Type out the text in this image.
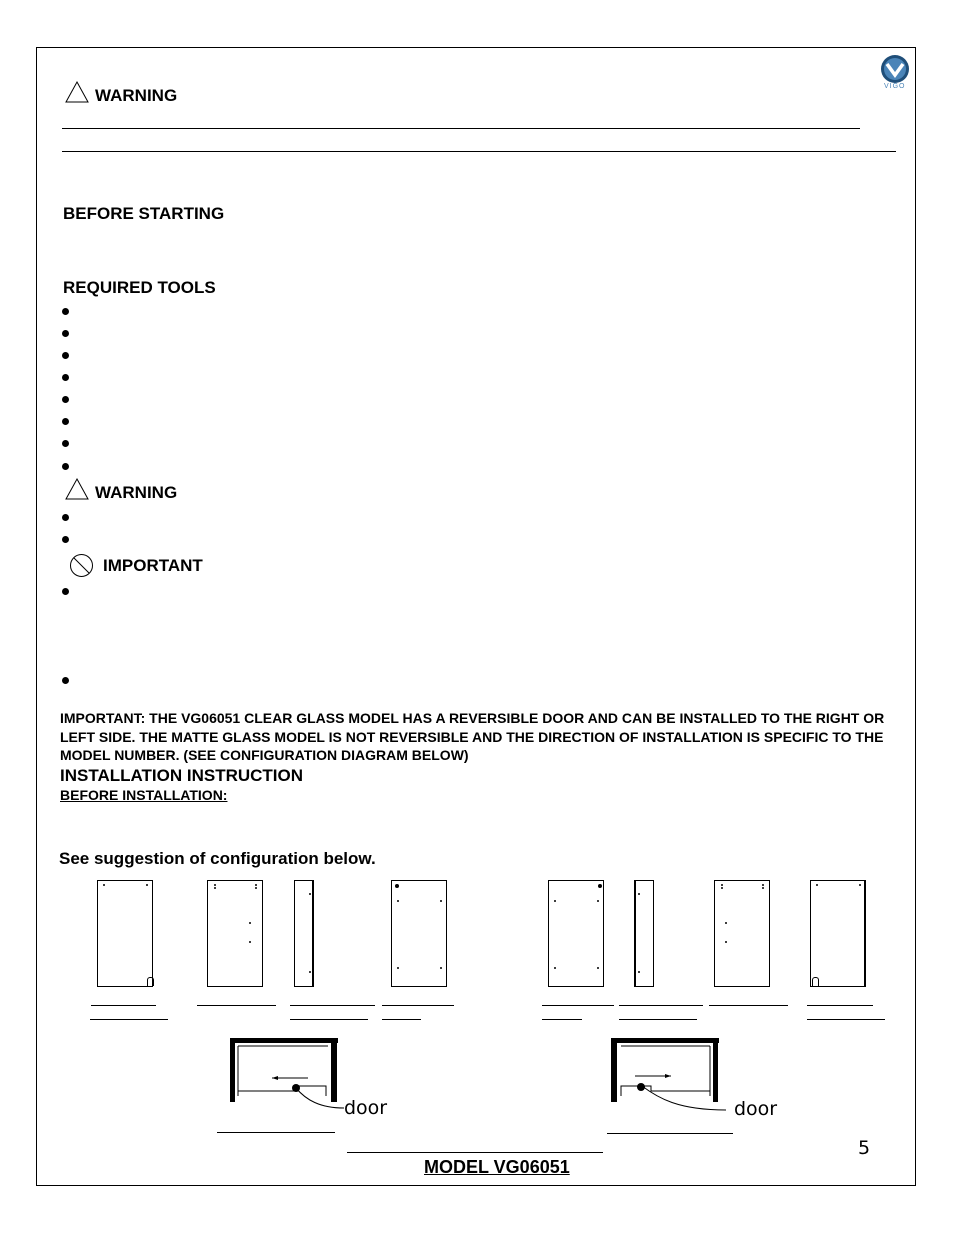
VIGO
WARNING
BEFORE STARTING
REQUIRED TOOLS
WARNING
IMPORTANT
IMPORTANT: THE VG06051 CLEAR GLASS MODEL HAS A REVERSIBLE DOOR AND CAN BE INSTALLED TO THE RIGHT OR LEFT SIDE. THE MATTE GLASS MODEL IS NOT REVERSIBLE AND THE DIRECTION OF INSTALLATION IS SPECIFIC TO THE MODEL NUMBER. (SEE CONFIGURATION DIAGRAM BELOW)
INSTALLATION INSTRUCTION
BEFORE INSTALLATION:
See suggestion of configuration below.
door	door
5
MODEL VG06051
